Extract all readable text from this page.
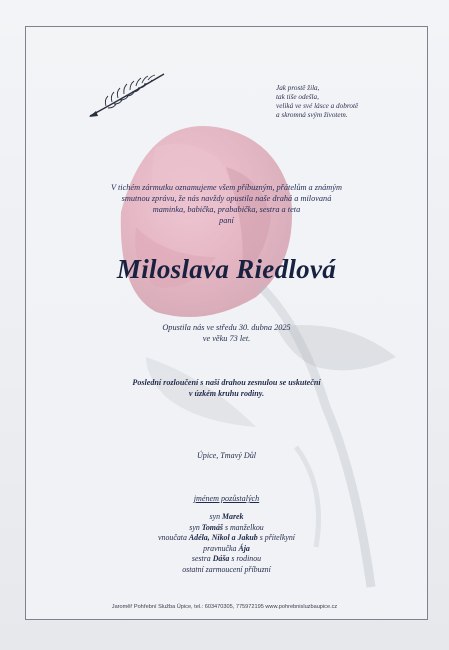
Jak prostě žila,
tak tiše odešla,
veliká ve své lásce a dobrotě
a skromná svým životem.
V tichém zármutku oznamujeme všem příbuzným, přátelům a známým
smutnou zprávu, že nás navždy opustila naše drahá a milovaná
maminka, babička, prababička, sestra a teta
paní
Miloslava Riedlová
Opustila nás ve středu 30. dubna 2025
ve věku 73 let.
Poslední rozloučení s naší drahou zesnulou se uskuteční
v úzkém kruhu rodiny.
Úpice, Tmavý Důl
jménem pozůstalých
syn Marek
syn Tomáš s manželkou
vnoučata Adéla, Nikol a Jakub s přítelkyní
pravnučka Ája
sestra Dáša s rodinou
ostatní zarmoucení příbuzní
Jaroměř Pohřební Služba Úpice, tel.: 603470305, 775972195 www.pohrebnisluzbaupice.cz
